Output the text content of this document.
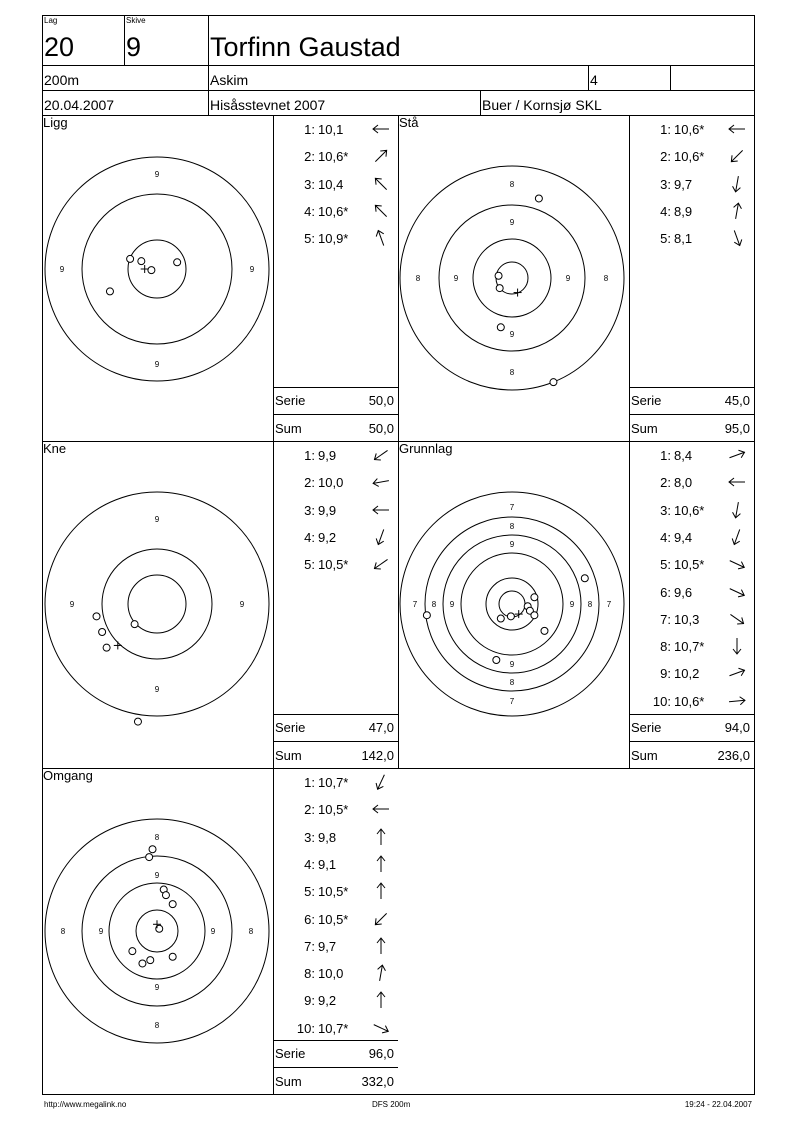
Lag
20
Skive
9	Torfinn Gaustad
200m	Askim	4
20.04.2007	Hisåsstevnet 2007	Buer / Kornsjø SKL
Ligg
9
9	9
9
1: 10,1
2: 10,6*
3: 10,4
4: 10,6*
5: 10,9*
Serie	50,0
Sum	50,0
Stå
8
9
9
8
8	9	9	8
1: 10,6*
2: 10,6*
3: 9,7
4: 8,9
5: 8,1
Serie	45,0
Sum	95,0
Kne
9
9	9
9
1: 9,9
2: 10,0
3: 9,9
4: 9,2
5: 10,5*
Serie	47,0
Sum	142,0
Grunnlag
7
8
9
9
8
7
7 8 9	9 8 7
1: 8,4
2: 8,0
3: 10,6*
4: 9,4
5: 10,5*
6: 9,6
7: 10,3
8: 10,7*
9: 10,2
10: 10,6*
Serie	94,0
Sum	236,0
Omgang
8
9
9
8
8	9	9	8
1: 10,7*
2: 10,5*
3: 9,8
4: 9,1
5: 10,5*
6: 10,5*
7: 9,7
8: 10,0
9: 9,2
10: 10,7*
Serie	96,0
Sum	332,0
http://www.megalink.no	DFS 200m	19:24 - 22.04.2007
